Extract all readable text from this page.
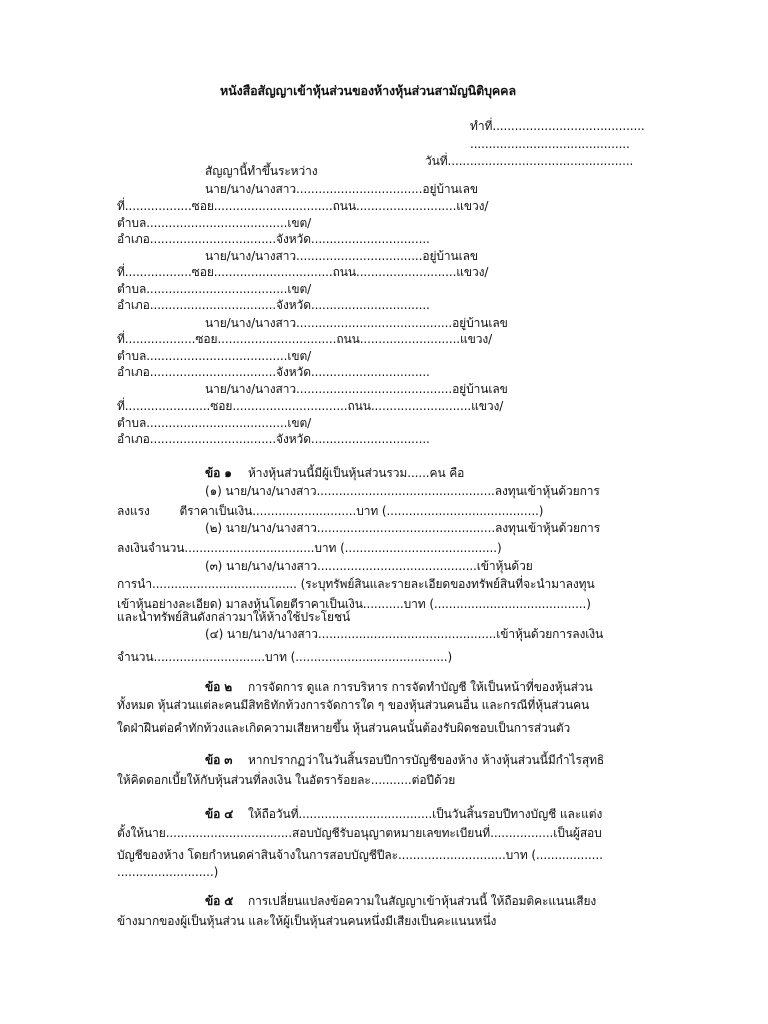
หนังสือสัญญาเข้าหุ้นส่วนของห้างหุ้นส่วนสามัญนิติบุคคล
ทำที่.........................................
...........................................
วันที่..................................................
สัญญานี้ทำขึ้นระหว่าง
นาย/นาง/นางสาว..................................อยู่บ้านเลข
ที่..................ซอย................................ถนน...........................แขวง/
ตำบล......................................เขต/
อำเภอ..................................จังหวัด................................
นาย/นาง/นางสาว..................................อยู่บ้านเลข
ที่..................ซอย................................ถนน...........................แขวง/
ตำบล......................................เขต/
อำเภอ..................................จังหวัด................................
นาย/นาง/นางสาว..........................................อยู่บ้านเลข
ที่...................ซอย................................ถนน...........................แขวง/
ตำบล......................................เขต/
อำเภอ..................................จังหวัด................................
นาย/นาง/นางสาว..........................................อยู่บ้านเลข
ที่.......................ซอย...............................ถนน...........................แขวง/
ตำบล......................................เขต/
อำเภอ..................................จังหวัด................................
ข้อ ๑ ห้างหุ้นส่วนนี้มีผู้เป็นหุ้นส่วนรวม......คน คือ
(๑) นาย/นาง/นางสาว................................................ลงทุนเข้าหุ้นด้วยการ
ลงแรง        ตีราคาเป็นเงิน............................บาท (.........................................)
(๒) นาย/นาง/นางสาว................................................ลงทุนเข้าหุ้นด้วยการ
ลงเงินจำนวน...................................บาท (.........................................)
(๓) นาย/นาง/นางสาว...........................................เข้าหุ้นด้วย
การนำ....................................... (ระบุทรัพย์สินและรายละเอียดของทรัพย์สินที่จะนำมาลงทุน
เข้าหุ้นอย่างละเอียด) มาลงหุ้นโดยตีราคาเป็นเงิน...........บาท (.........................................)
และนำทรัพย์สินดังกล่าวมาให้ห้างใช้ประโยชน์
(๔) นาย/นาง/นางสาว................................................เข้าหุ้นด้วยการลงเงิน
จำนวน..............................บาท (.........................................)
ข้อ ๒ การจัดการ ดูแล การบริหาร การจัดทำบัญชี ให้เป็นหน้าที่ของหุ้นส่วน
ทั้งหมด หุ้นส่วนแต่ละคนมีสิทธิทักท้วงการจัดการใด ๆ ของหุ้นส่วนคนอื่น และกรณีที่หุ้นส่วนคน
ใดฝ่าฝืนต่อคำทักท้วงและเกิดความเสียหายขึ้น หุ้นส่วนคนนั้นต้องรับผิดชอบเป็นการส่วนตัว
ข้อ ๓ หากปรากฏว่าในวันสิ้นรอบปีการบัญชีของห้าง ห้างหุ้นส่วนนี้มีกำไรสุทธิ
ให้คิดดอกเบี้ยให้กับหุ้นส่วนที่ลงเงิน ในอัตราร้อยละ...........ต่อปีด้วย
ข้อ ๔ ให้ถือวันที่....................................เป็นวันสิ้นรอบปีทางบัญชี และแต่ง
ตั้งให้นาย..................................สอบบัญชีรับอนุญาตหมายเลขทะเบียนที่.................เป็นผู้สอบ
บัญชีของห้าง โดยกำหนดค่าสินจ้างในการสอบบัญชีปีละ.............................บาท (..................
..........................)
ข้อ ๕ การเปลี่ยนแปลงข้อความในสัญญาเข้าหุ้นส่วนนี้ ให้ถือมติคะแนนเสียง
ข้างมากของผู้เป็นหุ้นส่วน และให้ผู้เป็นหุ้นส่วนคนหนึ่งมีเสียงเป็นคะแนนหนึ่ง
